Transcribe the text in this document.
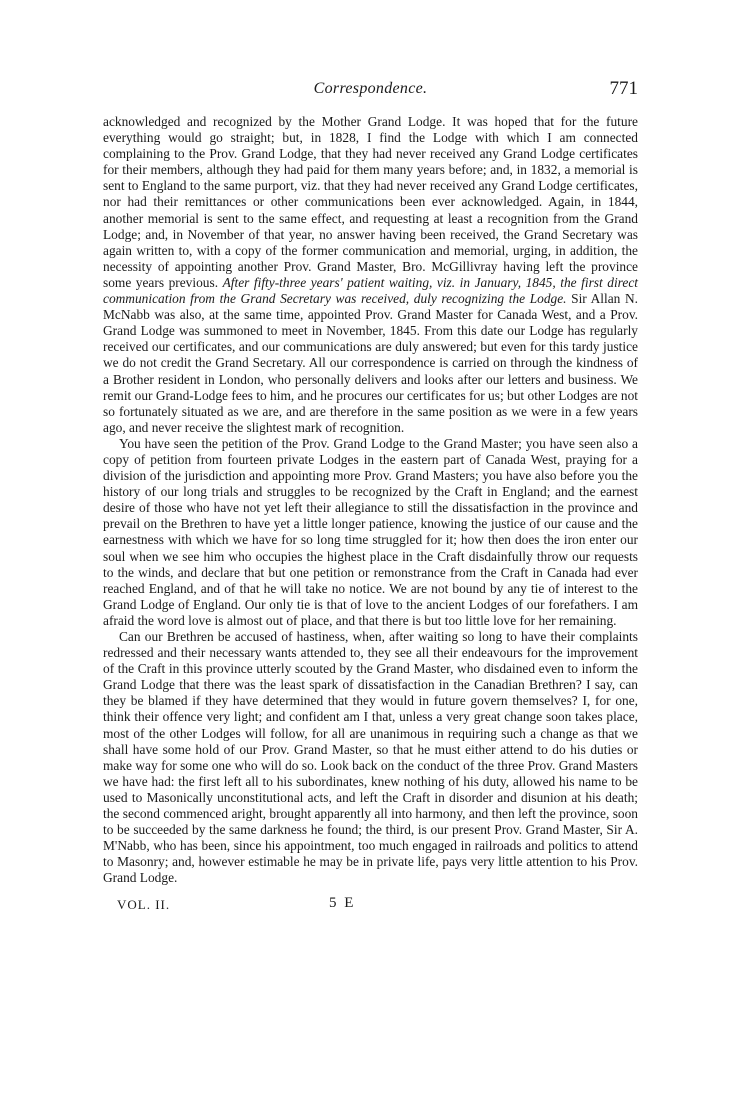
Correspondence.	771

acknowledged and recognized by the Mother Grand Lodge. It was hoped that for the future everything would go straight; but, in 1828, I find the Lodge with which I am connected complaining to the Prov. Grand Lodge, that they had never received any Grand Lodge certificates for their members, although they had paid for them many years before; and, in 1832, a memorial is sent to England to the same purport, viz. that they had never received any Grand Lodge certificates, nor had their remittances or other communications been ever acknowledged. Again, in 1844, another memorial is sent to the same effect, and requesting at least a recognition from the Grand Lodge; and, in November of that year, no answer having been received, the Grand Secretary was again written to, with a copy of the former communication and memorial, urging, in addition, the necessity of appointing another Prov. Grand Master, Bro. McGillivray having left the province some years previous. After fifty-three years' patient waiting, viz. in January, 1845, the first direct communication from the Grand Secretary was received, duly recognizing the Lodge. Sir Allan N. McNabb was also, at the same time, appointed Prov. Grand Master for Canada West, and a Prov. Grand Lodge was summoned to meet in November, 1845. From this date our Lodge has regularly received our certificates, and our communications are duly answered; but even for this tardy justice we do not credit the Grand Secretary. All our correspondence is carried on through the kindness of a Brother resident in London, who personally delivers and looks after our letters and business. We remit our Grand-Lodge fees to him, and he procures our certificates for us; but other Lodges are not so fortunately situated as we are, and are therefore in the same position as we were in a few years ago, and never receive the slightest mark of recognition.

You have seen the petition of the Prov. Grand Lodge to the Grand Master; you have seen also a copy of petition from fourteen private Lodges in the eastern part of Canada West, praying for a division of the jurisdiction and appointing more Prov. Grand Masters; you have also before you the history of our long trials and struggles to be recognized by the Craft in England; and the earnest desire of those who have not yet left their allegiance to still the dissatisfaction in the province and prevail on the Brethren to have yet a little longer patience, knowing the justice of our cause and the earnestness with which we have for so long time struggled for it; how then does the iron enter our soul when we see him who occupies the highest place in the Craft disdainfully throw our requests to the winds, and declare that but one petition or remonstrance from the Craft in Canada had ever reached England, and of that he will take no notice. We are not bound by any tie of interest to the Grand Lodge of England. Our only tie is that of love to the ancient Lodges of our forefathers. I am afraid the word love is almost out of place, and that there is but too little love for her remaining.

Can our Brethren be accused of hastiness, when, after waiting so long to have their complaints redressed and their necessary wants attended to, they see all their endeavours for the improvement of the Craft in this province utterly scouted by the Grand Master, who disdained even to inform the Grand Lodge that there was the least spark of dissatisfaction in the Canadian Brethren? I say, can they be blamed if they have determined that they would in future govern themselves? I, for one, think their offence very light; and confident am I that, unless a very great change soon takes place, most of the other Lodges will follow, for all are unanimous in requiring such a change as that we shall have some hold of our Prov. Grand Master, so that he must either attend to do his duties or make way for some one who will do so. Look back on the conduct of the three Prov. Grand Masters we have had: the first left all to his subordinates, knew nothing of his duty, allowed his name to be used to Masonically unconstitutional acts, and left the Craft in disorder and disunion at his death; the second commenced aright, brought apparently all into harmony, and then left the province, soon to be succeeded by the same darkness he found; the third, is our present Prov. Grand Master, Sir A. M'Nabb, who has been, since his appointment, too much engaged in railroads and politics to attend to Masonry; and, however estimable he may be in private life, pays very little attention to his Prov. Grand Lodge.

VOL. II.	5 E
